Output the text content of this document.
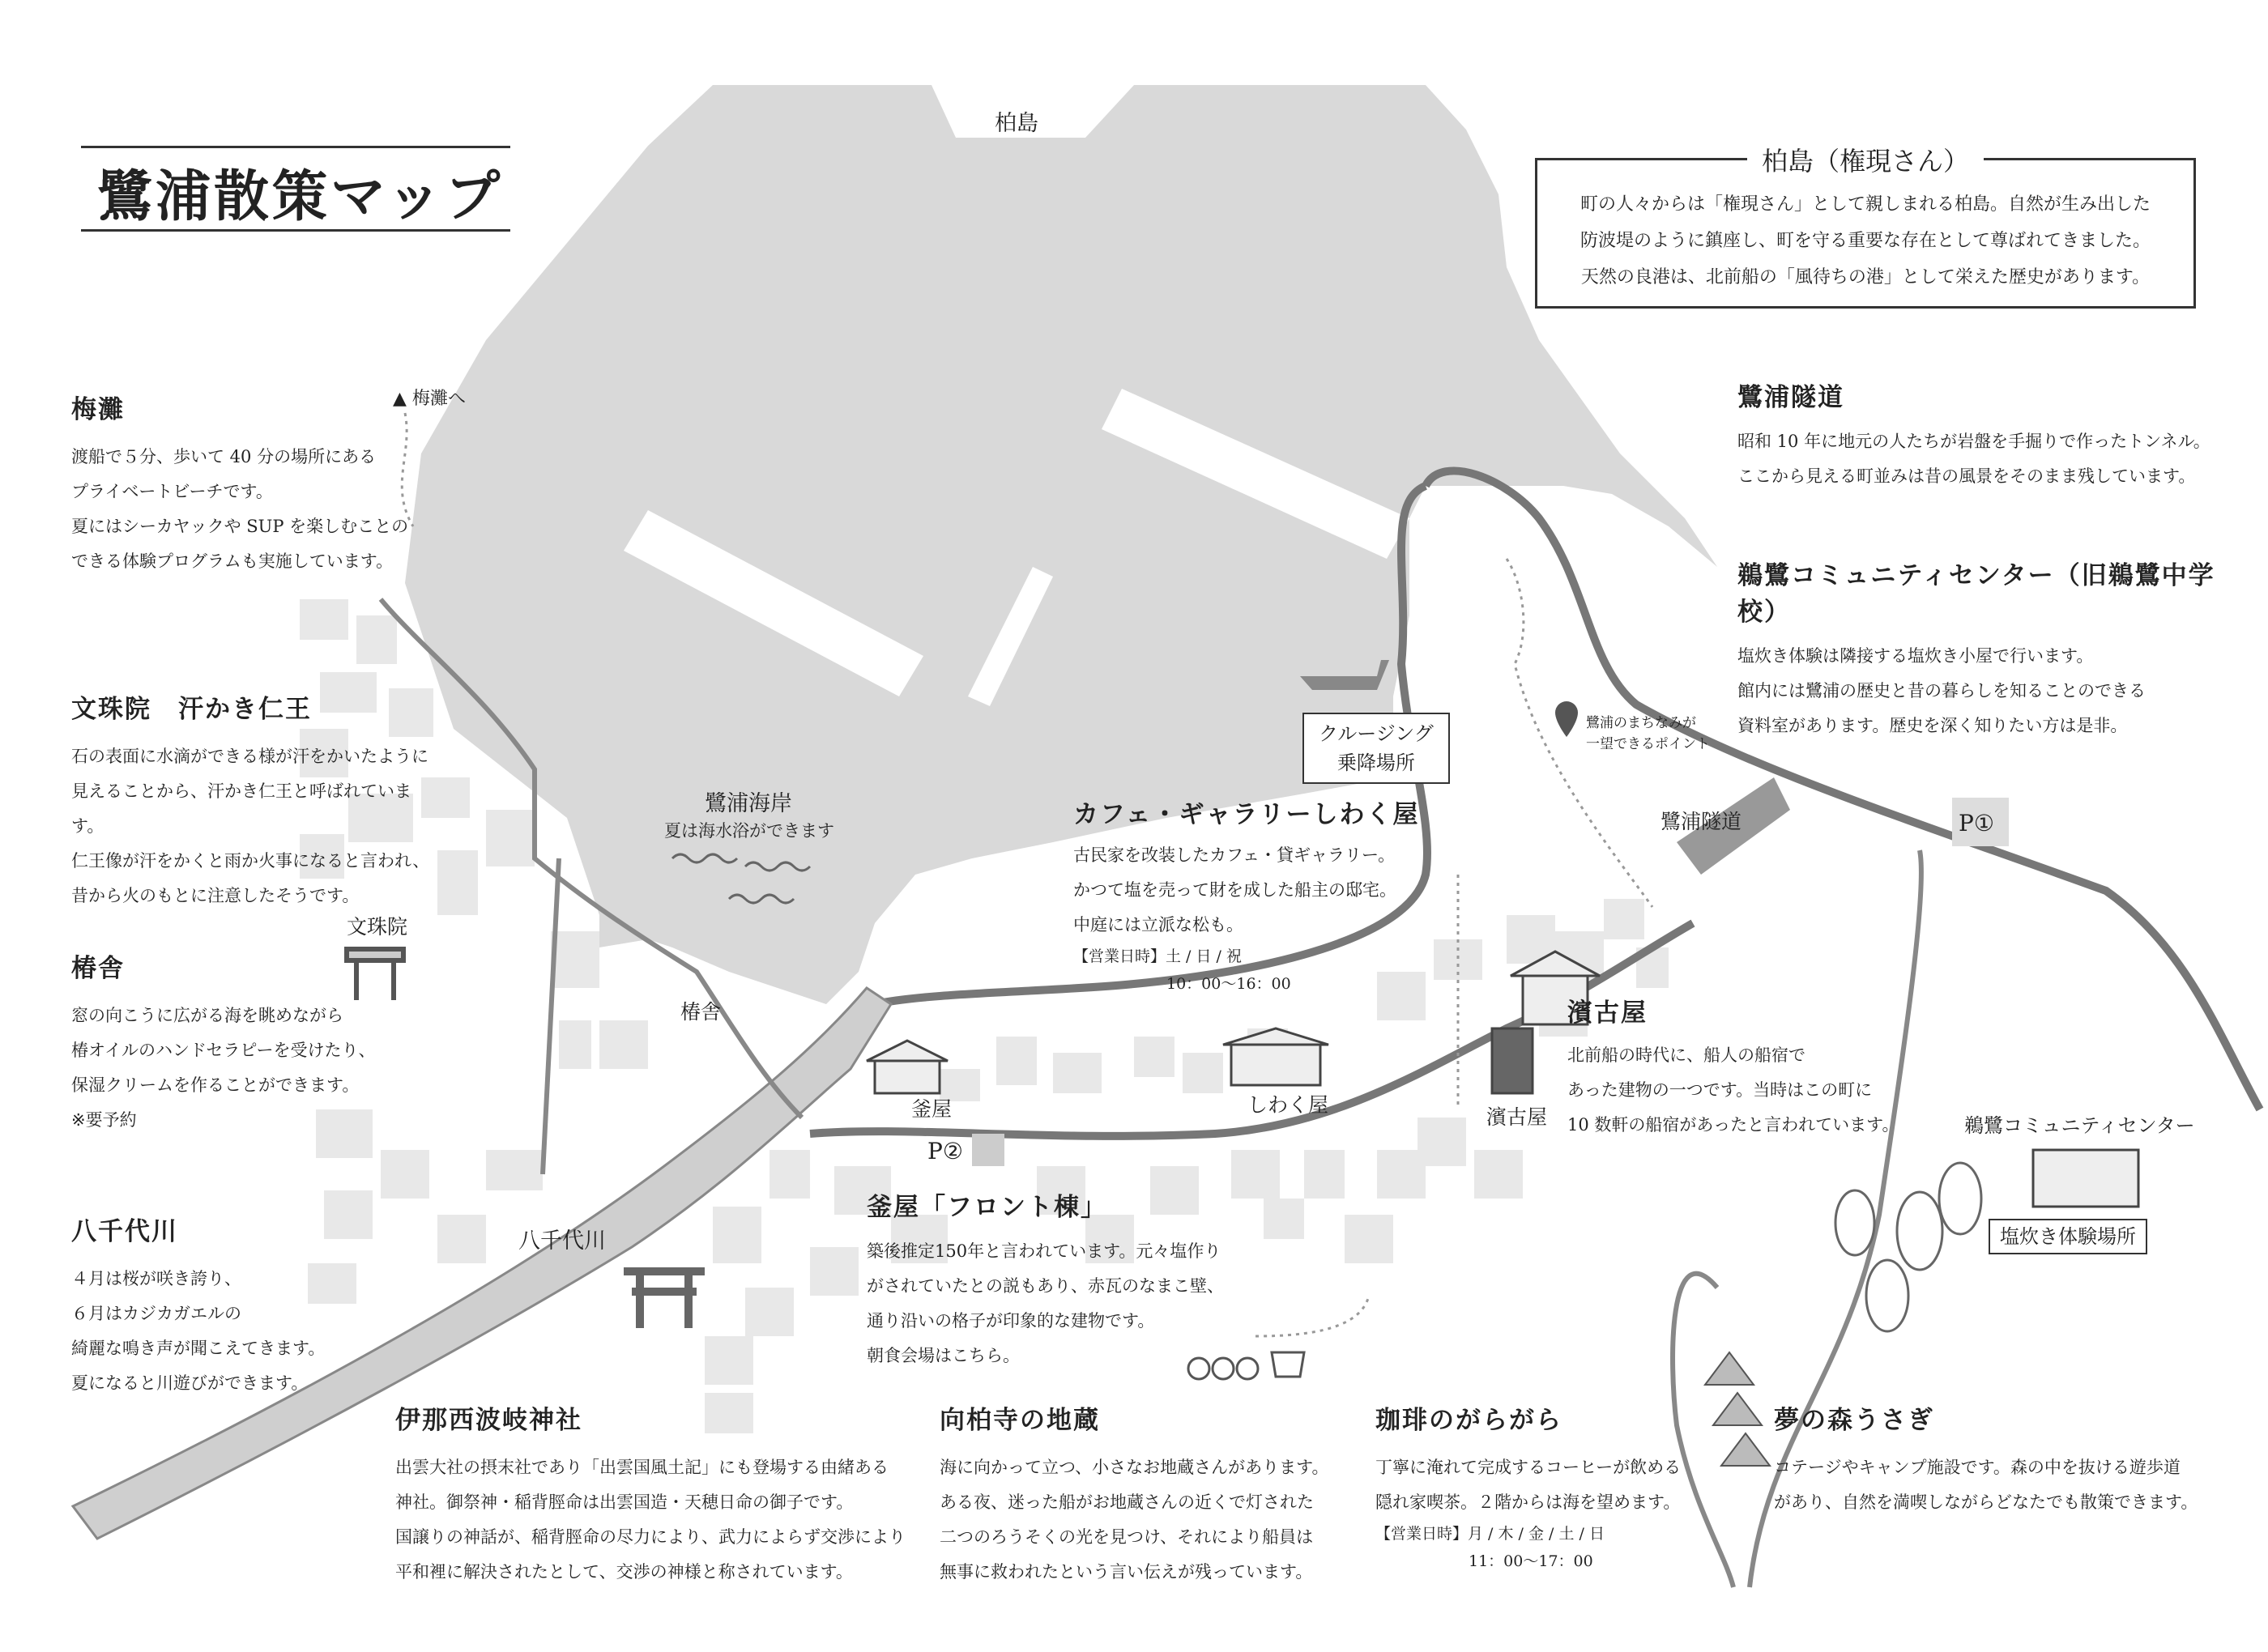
鷺浦散策マップ
柏島（権現さん）
町の人々からは「権現さん」として親しまれる柏島。自然が生み出した
防波堤のように鎮座し、町を守る重要な存在として尊ばれてきました。
天然の良港は、北前船の「風待ちの港」として栄えた歴史があります。
柏島
▲ 梅灘へ
鷺浦海岸
夏は海水浴ができます
クルージング
乗降場所
鷺浦のまちなみが
一望できるポイント
鷺浦隧道	P①
P②
文珠院
椿舎
釜屋	しわく屋
濱古屋
八千代川
鵜鷺コミュニティセンター
塩炊き体験場所

梅灘

渡船で５分、歩いて 40 分の場所にある
プライベートビーチです。
夏にはシーカヤックや SUP を楽しむことの
できる体験プログラムも実施しています。

文珠院　汗かき仁王

石の表面に水滴ができる様が汗をかいたように
見えることから、汗かき仁王と呼ばれています。
仁王像が汗をかくと雨か火事になると言われ、
昔から火のもとに注意したそうです。

椿舎

窓の向こうに広がる海を眺めながら
椿オイルのハンドセラピーを受けたり、
保湿クリームを作ることができます。
※要予約

八千代川

４月は桜が咲き誇り、
６月はカジカガエルの
綺麗な鳴き声が聞こえてきます。
夏になると川遊びができます。

伊那西波岐神社

出雲大社の摂末社であり「出雲国風土記」にも登場する由緒ある
神社。御祭神・稲背脛命は出雲国造・天穂日命の御子です。
国譲りの神話が、稲背脛命の尽力により、武力によらず交渉により
平和裡に解決されたとして、交渉の神様と称されています。

向柏寺の地蔵

海に向かって立つ、小さなお地蔵さんがあります。
ある夜、迷った船がお地蔵さんの近くで灯された
二つのろうそくの光を見つけ、それにより船員は
無事に救われたという言い伝えが残っています。

珈琲のがらがら

丁寧に淹れて完成するコーヒーが飲める
隠れ家喫茶。２階からは海を望めます。

【営業日時】月 / 木 / 金 / 土 / 日

11：00～17：00

夢の森うさぎ

コテージやキャンプ施設です。森の中を抜ける遊歩道
があり、自然を満喫しながらどなたでも散策できます。

釜屋「フロント棟」

築後推定150年と言われています。元々塩作り
がされていたとの説もあり、赤瓦のなまこ壁、
通り沿いの格子が印象的な建物です。
朝食会場はこちら。

カフェ・ギャラリーしわく屋

古民家を改装したカフェ・貸ギャラリー。
かつて塩を売って財を成した船主の邸宅。
中庭には立派な松も。

【営業日時】土 / 日 / 祝

10：00～16：00

濱古屋

北前船の時代に、船人の船宿で
あった建物の一つです。当時はこの町に
10 数軒の船宿があったと言われています。

鷺浦隧道

昭和 10 年に地元の人たちが岩盤を手掘りで作ったトンネル。
ここから見える町並みは昔の風景をそのまま残しています。

鵜鷺コミュニティセンター（旧鵜鷺中学校）

塩炊き体験は隣接する塩炊き小屋で行います。
館内には鷺浦の歴史と昔の暮らしを知ることのできる
資料室があります。歴史を深く知りたい方は是非。
